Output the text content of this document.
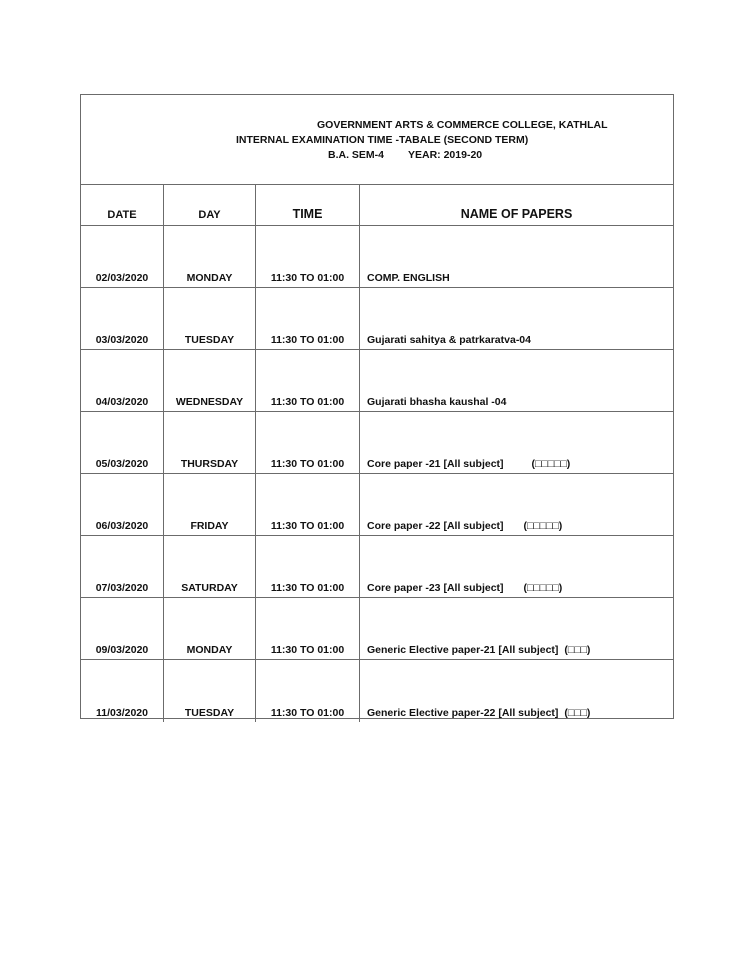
GOVERNMENT ARTS & COMMERCE COLLEGE, KATHLAL
INTERNAL EXAMINATION TIME -TABALE (SECOND TERM)
B.A. SEM-4 YEAR: 2019-20
DATE	DAY	TIME	NAME OF PAPERS
02/03/2020	MONDAY	11:30 TO 01:00	COMP. ENGLISH
03/03/2020	TUESDAY	11:30 TO 01:00	Gujarati sahitya & patrkaratva-04
04/03/2020	WEDNESDAY	11:30 TO 01:00	Gujarati bhasha kaushal -04
05/03/2020	THURSDAY	11:30 TO 01:00	Core paper -21 [All subject]	(□□□□□)
06/03/2020	FRIDAY	11:30 TO 01:00	Core paper -22 [All subject] (□□□□□)
07/03/2020	SATURDAY	11:30 TO 01:00	Core paper -23 [All subject] (□□□□□)
09/03/2020	MONDAY	11:30 TO 01:00	Generic Elective paper-21 [All subject] (□□□)
11/03/2020	TUESDAY	11:30 TO 01:00	Generic Elective paper-22 [All subject] (□□□)
